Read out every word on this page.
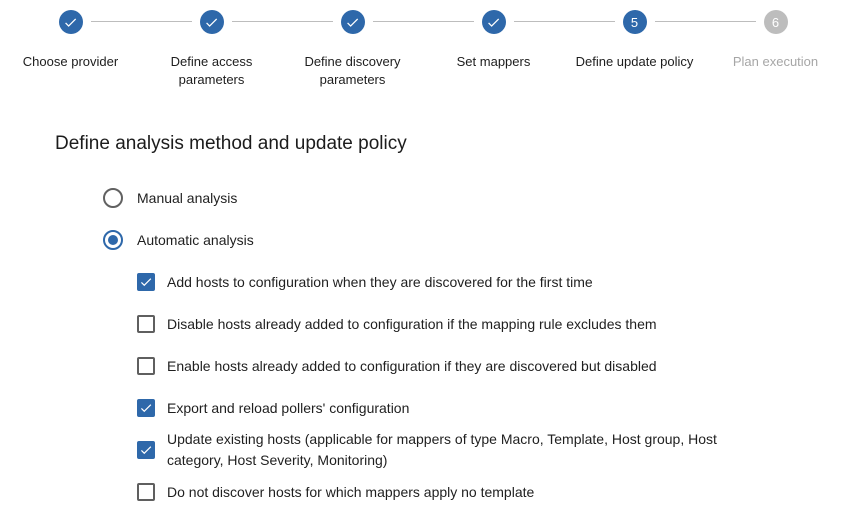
Choose provider	Define access parameters
Define discovery parameters
Set mappers
5
Define update policy
6
Plan execution
Define analysis method and update policy
Manual analysis
Automatic analysis
Add hosts to configuration when they are discovered for the first time
Disable hosts already added to configuration if the mapping rule excludes them
Enable hosts already added to configuration if they are discovered but disabled
Export and reload pollers' configuration
Update existing hosts (applicable for mappers of type Macro, Template, Host group, Host category, Host Severity, Monitoring)
Do not discover hosts for which mappers apply no template
